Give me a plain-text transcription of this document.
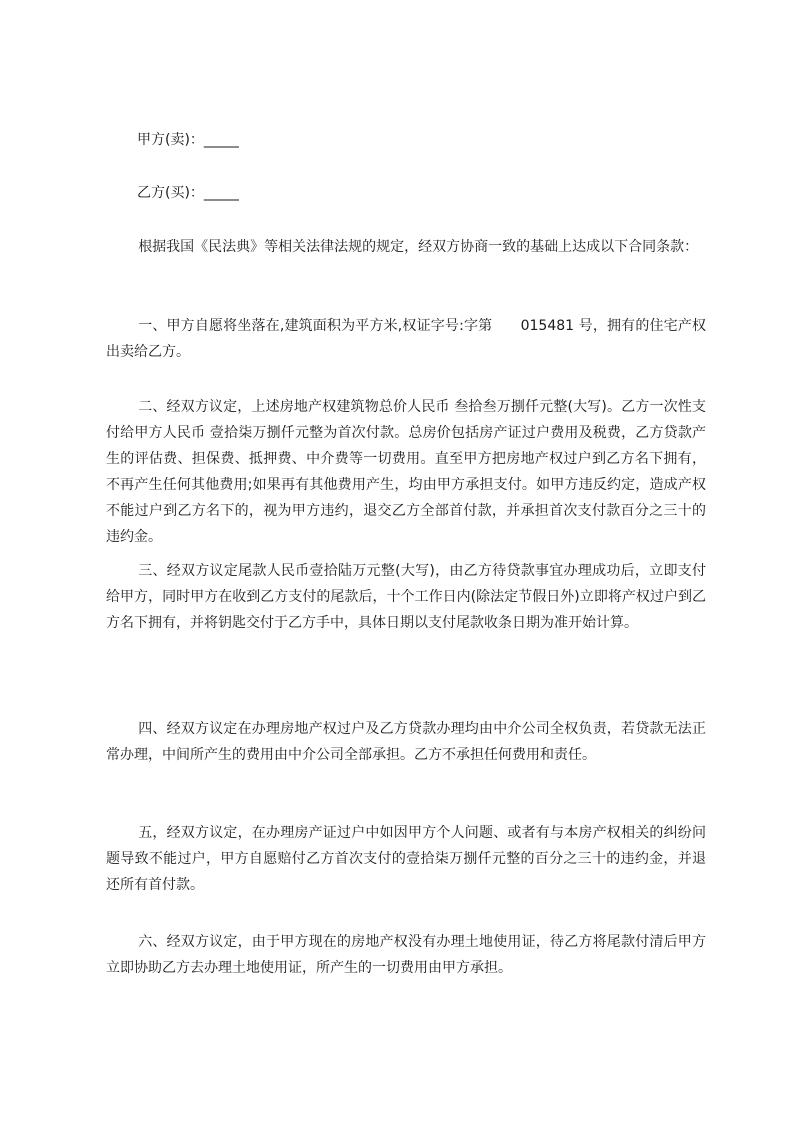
甲方(卖)：_____
乙方(买)：_____

根据我国《民法典》等相关法律法规的规定，经双方协商一致的基础上达成以下合同条款：

一、甲方自愿将坐落在,建筑面积为平方米,权证字号:字第　　015481 号，拥有的住宅产权出卖给乙方。

二、经双方议定，上述房地产权建筑物总价人民币 叁拾叁万捌仟元整(大写)。乙方一次性支付给甲方人民币 壹拾柒万捌仟元整为首次付款。总房价包括房产证过户费用及税费，乙方贷款产生的评估费、担保费、抵押费、中介费等一切费用。直至甲方把房地产权过户到乙方名下拥有，不再产生任何其他费用;如果再有其他费用产生，均由甲方承担支付。如甲方违反约定，造成产权不能过户到乙方名下的，视为甲方违约，退交乙方全部首付款，并承担首次支付款百分之三十的违约金。

三、经双方议定尾款人民币壹拾陆万元整(大写)，由乙方待贷款事宜办理成功后，立即支付给甲方，同时甲方在收到乙方支付的尾款后，十个工作日内(除法定节假日外)立即将产权过户到乙方名下拥有，并将钥匙交付于乙方手中，具体日期以支付尾款收条日期为准开始计算。

四、经双方议定在办理房地产权过户及乙方贷款办理均由中介公司全权负责，若贷款无法正常办理，中间所产生的费用由中介公司全部承担。乙方不承担任何费用和责任。

五，经双方议定，在办理房产证过户中如因甲方个人问题、或者有与本房产权相关的纠纷问题导致不能过户，甲方自愿赔付乙方首次支付的壹拾柒万捌仟元整的百分之三十的违约金，并退还所有首付款。

六、经双方议定，由于甲方现在的房地产权没有办理土地使用证，待乙方将尾款付清后甲方立即协助乙方去办理土地使用证，所产生的一切费用由甲方承担。
